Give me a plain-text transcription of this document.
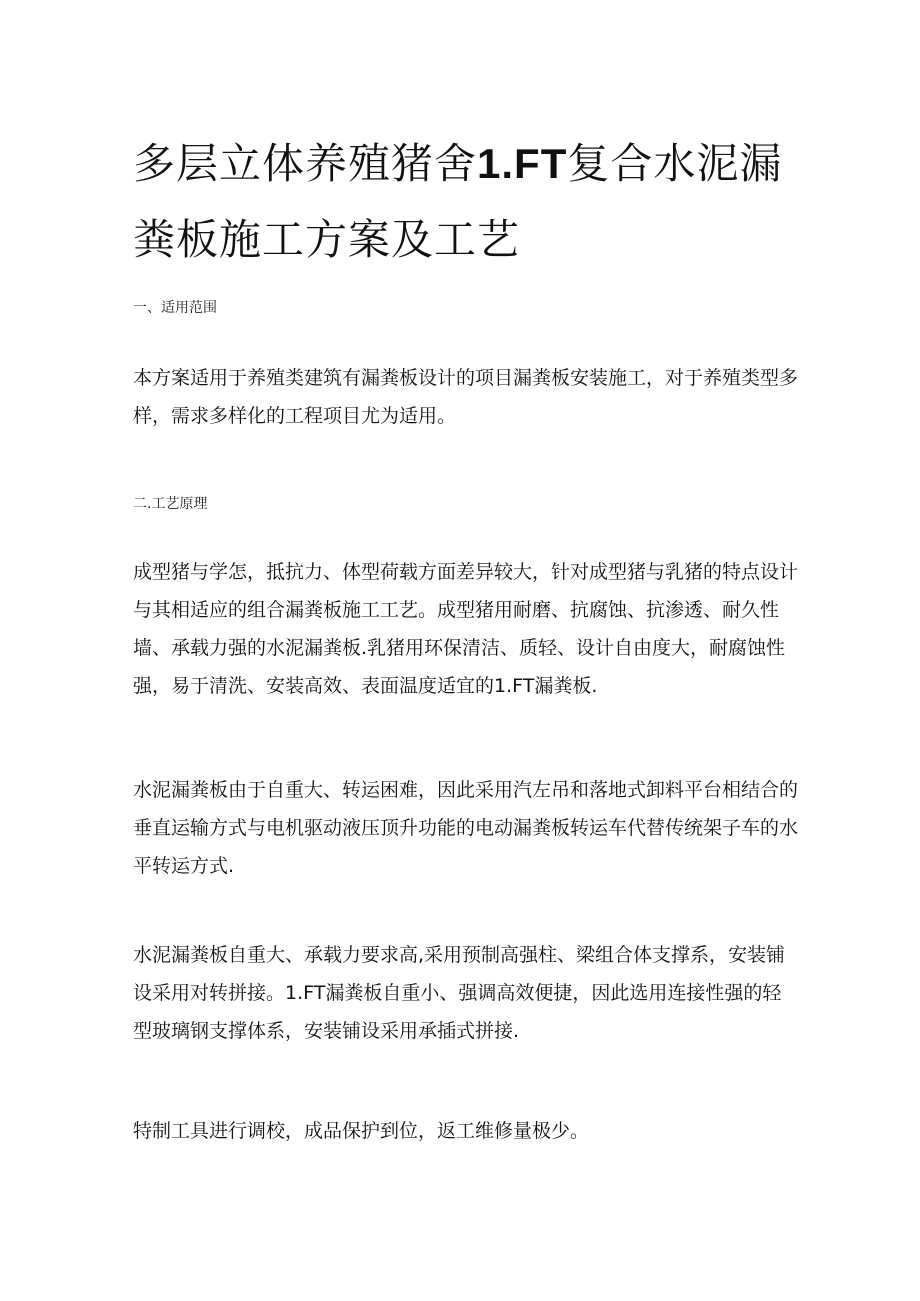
多层立体养殖猪舍1.FT复合水泥漏粪板施工方案及工艺
一、适用范围

本方案适用于养殖类建筑有漏粪板设计的项目漏粪板安装施工，对于养殖类型多样，需求多样化的工程项目尤为适用。

二.工艺原理

成型猪与学怎，抵抗力、体型荷载方面差异较大，针对成型猪与乳猪的特点设计与其相适应的组合漏粪板施工工艺。成型猪用耐磨、抗腐蚀、抗渗透、耐久性墙、承载力强的水泥漏粪板.乳猪用环保清洁、质轻、设计自由度大，耐腐蚀性强，易于清洗、安装高效、表面温度适宜的1.FT漏粪板.

水泥漏粪板由于自重大、转运困难，因此采用汽左吊和落地式卸料平台相结合的垂直运输方式与电机驱动液压顶升功能的电动漏粪板转运车代替传统架子车的水平转运方式.

水泥漏粪板自重大、承载力要求高,采用预制高强柱、梁组合体支撑系，安装铺设采用对转拼接。1.FT漏粪板自重小、强调高效便捷，因此选用连接性强的轻型玻璃钢支撑体系，安装铺设采用承插式拼接.

特制工具进行调校，成品保护到位，返工维修量极少。
